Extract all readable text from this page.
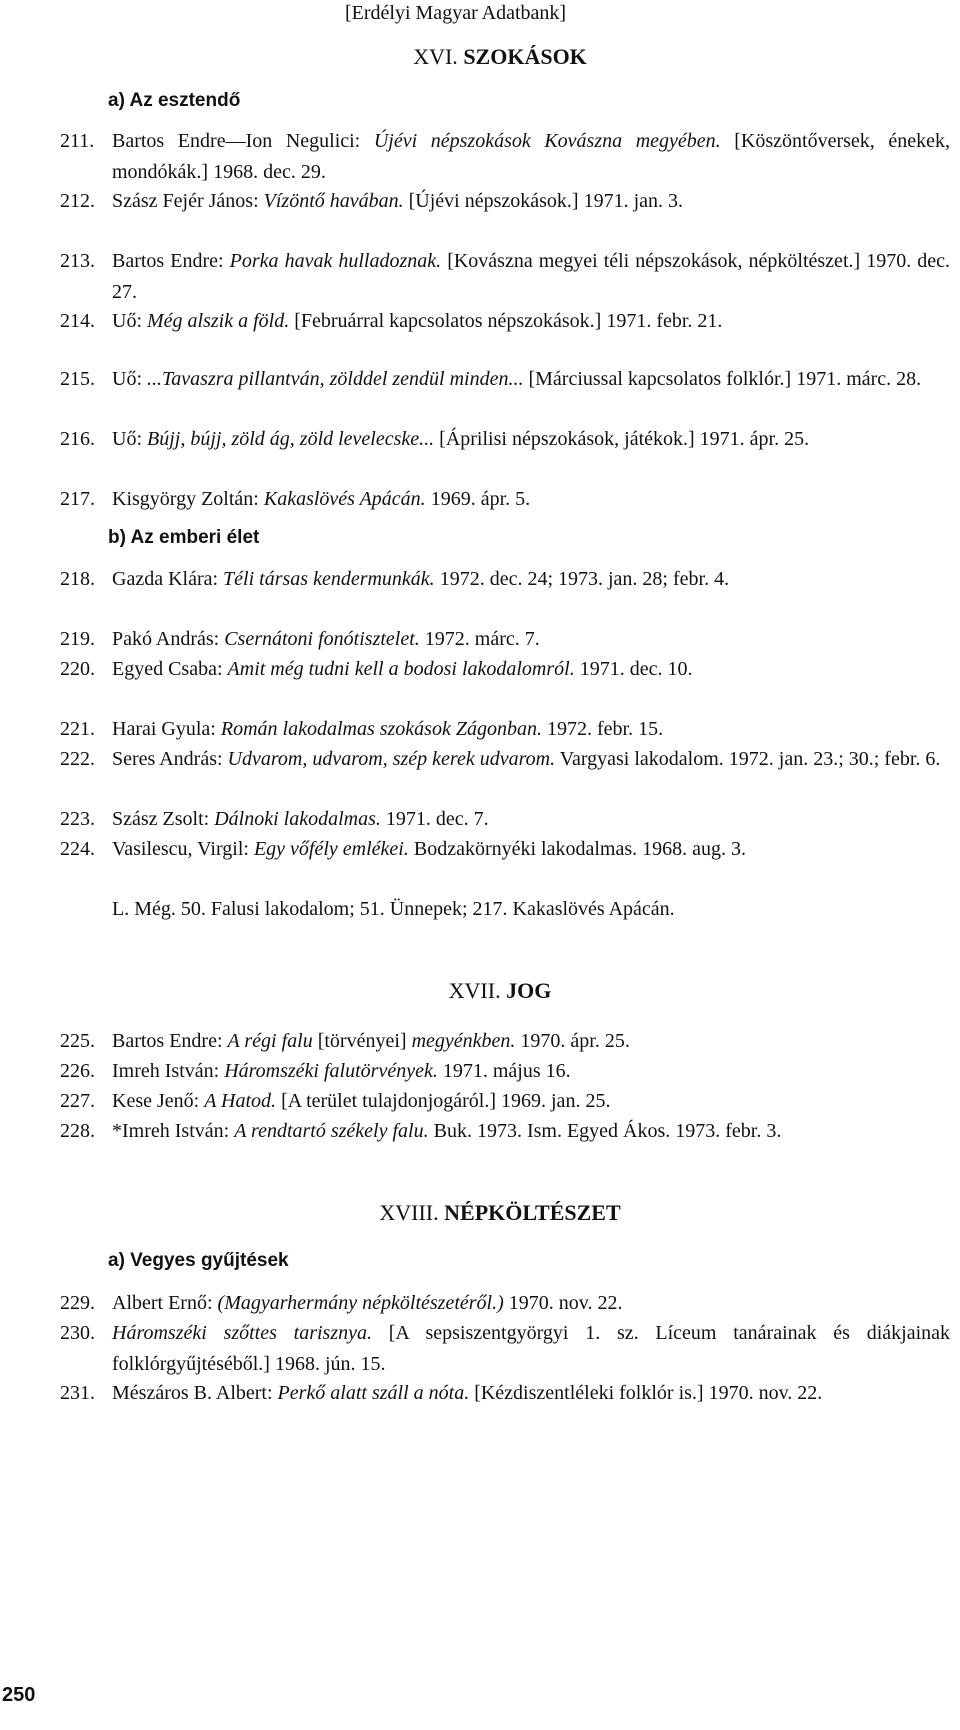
[Erdélyi Magyar Adatbank]
XVI. SZOKÁSOK
a) Az esztendő
211. Bartos Endre—Ion Negulici: Újévi népszokások Kovászna megyében. [Köszöntőversek, énekek, mondókák.] 1968. dec. 29.
212. Szász Fejér János: Vízöntő havában. [Újévi népszokások.] 1971. jan. 3.
213. Bartos Endre: Porka havak hulladoznak. [Kovászna megyei téli népszokások, népköltészet.] 1970. dec. 27.
214. Uő: Még alszik a föld. [Februárral kapcsolatos népszokások.] 1971. febr. 21.
215. Uő: ...Tavaszra pillantván, zölddel zendül minden... [Márciussal kapcsolatos folklór.] 1971. márc. 28.
216. Uő: Bújj, bújj, zöld ág, zöld levelecske... [Áprilisi népszokások, játékok.] 1971. ápr. 25.
217. Kisgyörgy Zoltán: Kakaslövés Apácán. 1969. ápr. 5.
b) Az emberi élet
218. Gazda Klára: Téli társas kendermunkák. 1972. dec. 24; 1973. jan. 28; febr. 4.
219. Pakó András: Csernátoni fonótisztelet. 1972. márc. 7.
220. Egyed Csaba: Amit még tudni kell a bodosi lakodalomról. 1971. dec. 10.
221. Harai Gyula: Román lakodalmas szokások Zágonban. 1972. febr. 15.
222. Seres András: Udvarom, udvarom, szép kerek udvarom. Vargyasi lakodalom. 1972. jan. 23.; 30.; febr. 6.
223. Szász Zsolt: Dálnoki lakodalmas. 1971. dec. 7.
224. Vasilescu, Virgil: Egy vőfély emlékei. Bodzakörnyéki lakodalmas. 1968. aug. 3.
L. Még. 50. Falusi lakodalom; 51. Ünnepek; 217. Kakaslövés Apácán.
XVII. JOG
225. Bartos Endre: A régi falu [törvényei] megyénkben. 1970. ápr. 25.
226. Imreh István: Háromszéki falutörvények. 1971. május 16.
227. Kese Jenő: A Hatod. [A terület tulajdonjogáról.] 1969. jan. 25.
228. *Imreh István: A rendtartó székely falu. Buk. 1973. Ism. Egyed Ákos. 1973. febr. 3.
XVIII. NÉPKÖLTÉSZET
a) Vegyes gyűjtések
229. Albert Ernő: (Magyarhermány népköltészetéről.) 1970. nov. 22.
230. Háromszéki szőttes tarisznya. [A sepsiszentgyörgyi 1. sz. Líceum tanárainak és diákjainak folklórgyűjtéséből.] 1968. jún. 15.
231. Mészáros B. Albert: Perkő alatt száll a nóta. [Kézdiszentléleki folklór is.] 1970. nov. 22.
250
